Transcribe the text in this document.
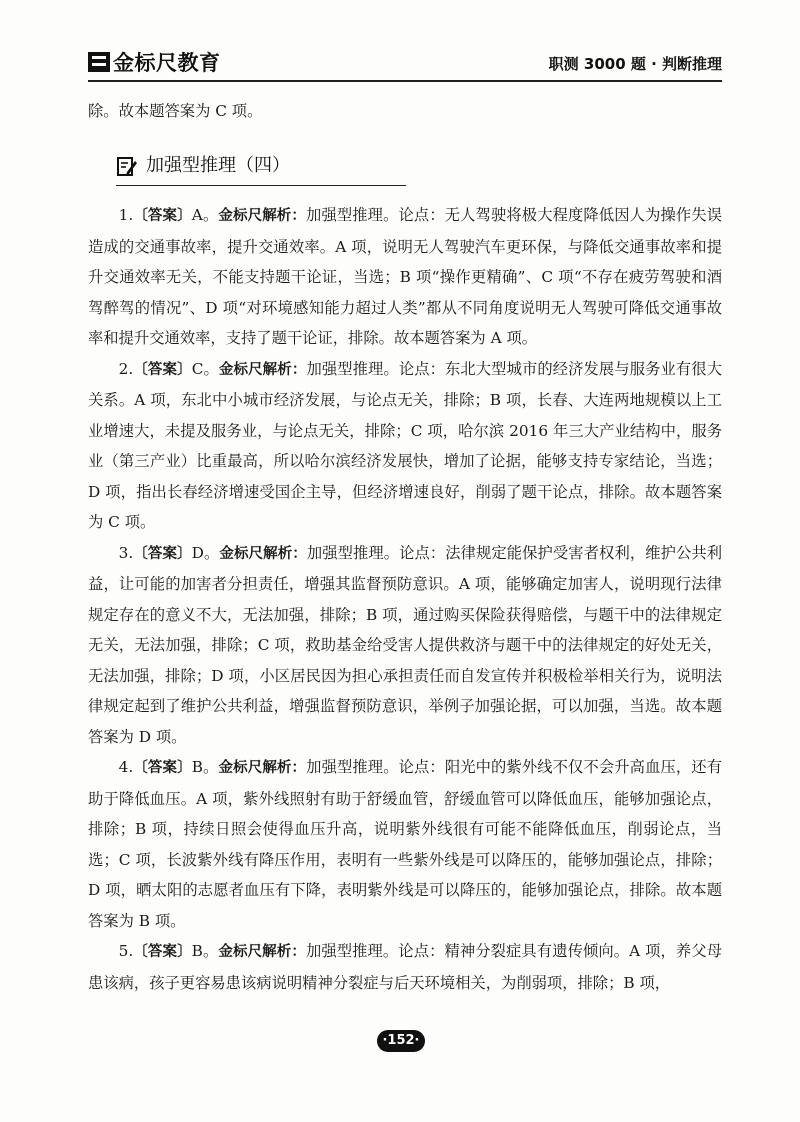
金标尺教育	职测 3000 题 · 判断推理

除。故本题答案为 C 项。

加强型推理（四）

1.〔答案〕A。金标尺解析：加强型推理。论点：无人驾驶将极大程度降低因人为操作失误造成的交通事故率，提升交通效率。A 项，说明无人驾驶汽车更环保，与降低交通事故率和提升交通效率无关，不能支持题干论证，当选；B 项“操作更精确”、C 项“不存在疲劳驾驶和酒驾醉驾的情况”、D 项“对环境感知能力超过人类”都从不同角度说明无人驾驶可降低交通事故率和提升交通效率，支持了题干论证，排除。故本题答案为 A 项。

2.〔答案〕C。金标尺解析：加强型推理。论点：东北大型城市的经济发展与服务业有很大关系。A 项，东北中小城市经济发展，与论点无关，排除；B 项，长春、大连两地规模以上工业增速大，未提及服务业，与论点无关，排除；C 项，哈尔滨 2016 年三大产业结构中，服务业（第三产业）比重最高，所以哈尔滨经济发展快，增加了论据，能够支持专家结论，当选；D 项，指出长春经济增速受国企主导，但经济增速良好，削弱了题干论点，排除。故本题答案为 C 项。

3.〔答案〕D。金标尺解析：加强型推理。论点：法律规定能保护受害者权利，维护公共利益，让可能的加害者分担责任，增强其监督预防意识。A 项，能够确定加害人，说明现行法律规定存在的意义不大，无法加强，排除；B 项，通过购买保险获得赔偿，与题干中的法律规定无关，无法加强，排除；C 项，救助基金给受害人提供救济与题干中的法律规定的好处无关，无法加强，排除；D 项，小区居民因为担心承担责任而自发宣传并积极检举相关行为，说明法律规定起到了维护公共利益，增强监督预防意识，举例子加强论据，可以加强，当选。故本题答案为 D 项。

4.〔答案〕B。金标尺解析：加强型推理。论点：阳光中的紫外线不仅不会升高血压，还有助于降低血压。A 项，紫外线照射有助于舒缓血管，舒缓血管可以降低血压，能够加强论点，排除；B 项，持续日照会使得血压升高，说明紫外线很有可能不能降低血压，削弱论点，当选；C 项，长波紫外线有降压作用，表明有一些紫外线是可以降压的，能够加强论点，排除；D 项，晒太阳的志愿者血压有下降，表明紫外线是可以降压的，能够加强论点，排除。故本题答案为 B 项。

5.〔答案〕B。金标尺解析：加强型推理。论点：精神分裂症具有遗传倾向。A 项，养父母患该病，孩子更容易患该病说明精神分裂症与后天环境相关，为削弱项，排除；B 项，

·152·
